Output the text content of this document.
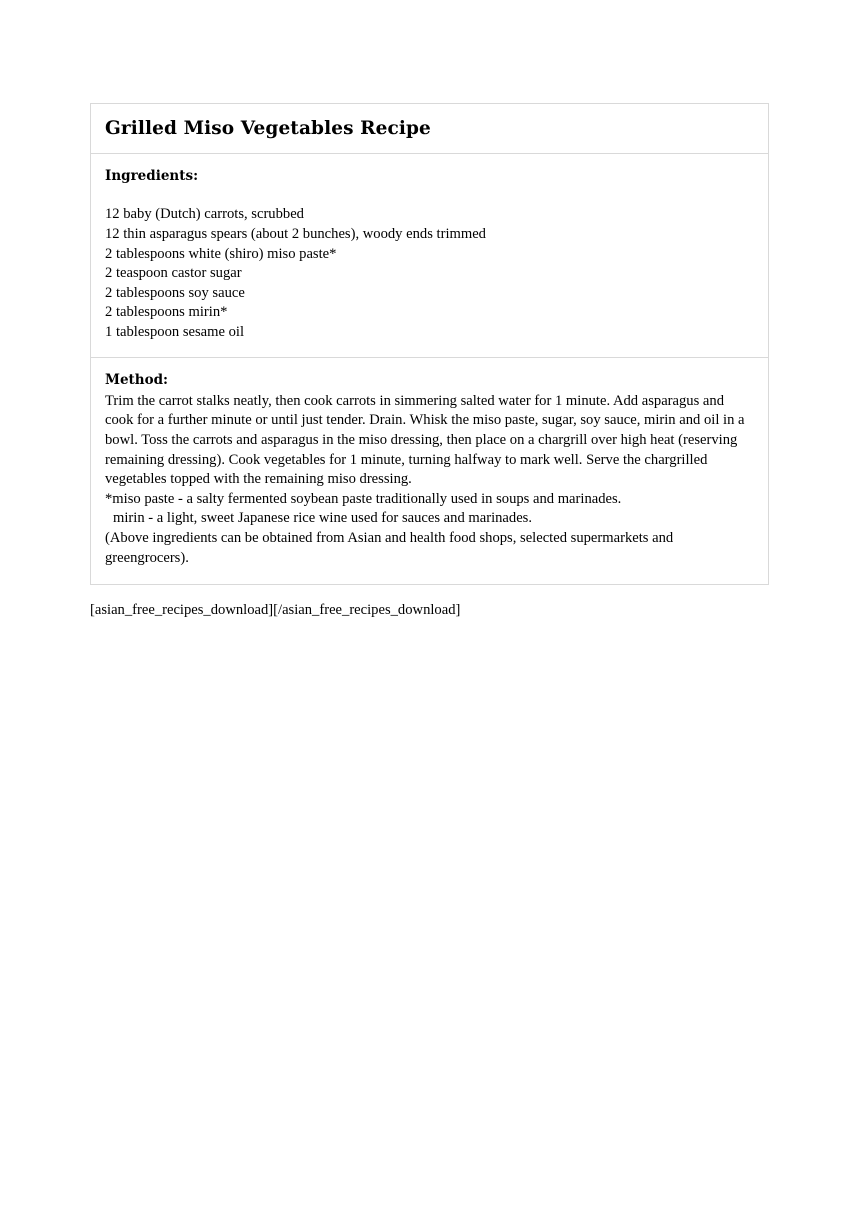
Grilled Miso Vegetables Recipe
Ingredients:
12 baby (Dutch) carrots, scrubbed
12 thin asparagus spears (about 2 bunches), woody ends trimmed
2 tablespoons white (shiro) miso paste*
2 teaspoon castor sugar
2 tablespoons soy sauce
2 tablespoons mirin*
1 tablespoon sesame oil
Method:

Trim the carrot stalks neatly, then cook carrots in simmering salted water for 1 minute. Add asparagus and cook for a further minute or until just tender. Drain. Whisk the miso paste, sugar, soy sauce, mirin and oil in a bowl. Toss the carrots and asparagus in the miso dressing, then place on a chargrill over high heat (reserving remaining dressing). Cook vegetables for 1 minute, turning halfway to mark well. Serve the chargrilled vegetables topped with the remaining miso dressing.

*miso paste - a salty fermented soybean paste traditionally used in soups and marinades.

mirin - a light, sweet Japanese rice wine used for sauces and marinades.

(Above ingredients can be obtained from Asian and health food shops, selected supermarkets and greengrocers).

[asian_free_recipes_download][/asian_free_recipes_download]
